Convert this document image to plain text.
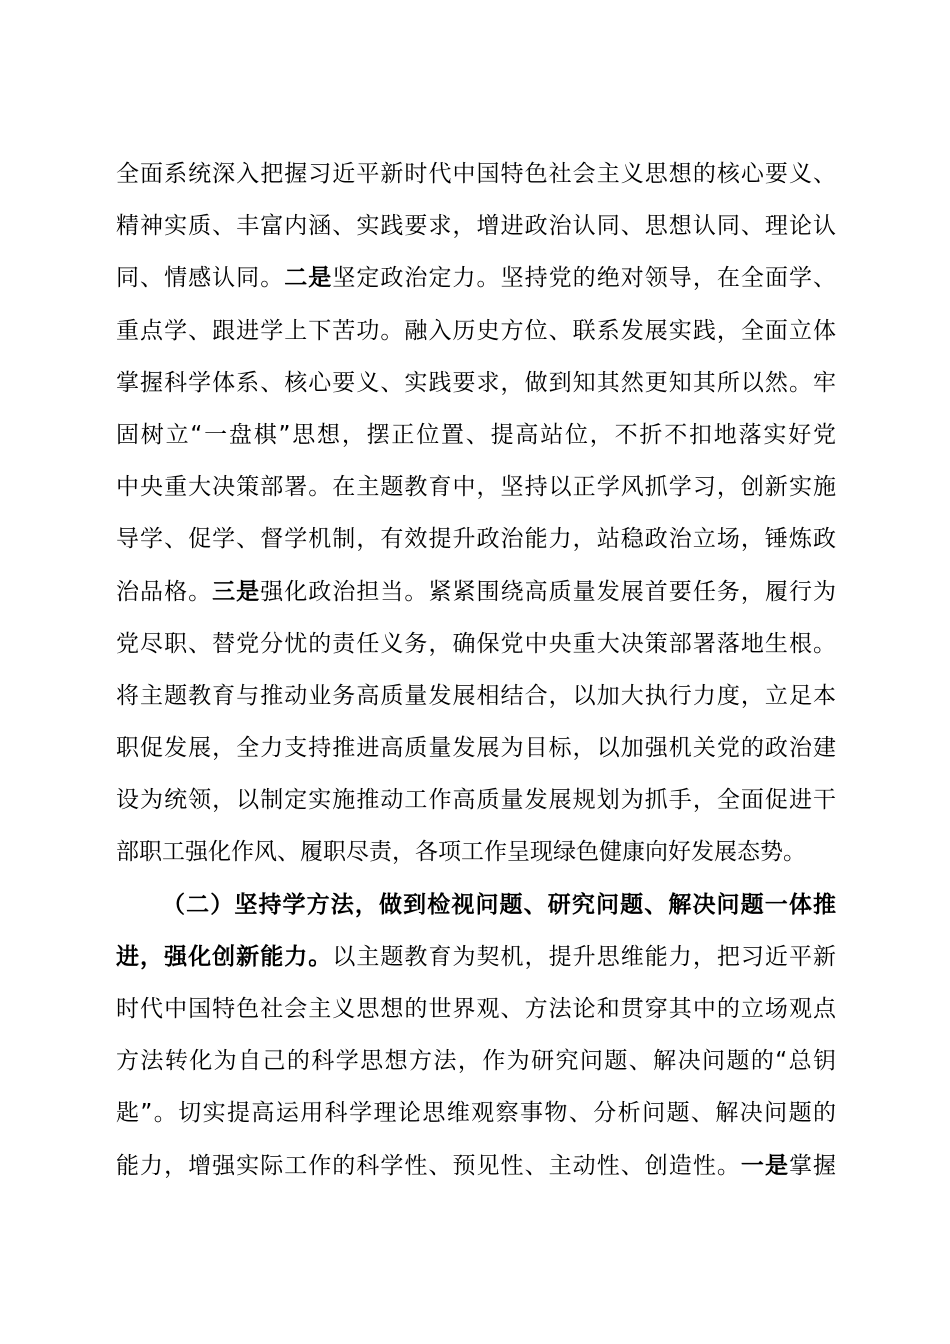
全面系统深入把握习近平新时代中国特色社会主义思想的核心要义、
精神实质、丰富内涵、实践要求，增进政治认同、思想认同、理论认
同、情感认同。二是坚定政治定力。坚持党的绝对领导，在全面学、
重点学、跟进学上下苦功。融入历史方位、联系发展实践，全面立体
掌握科学体系、核心要义、实践要求，做到知其然更知其所以然。牢
固树立“一盘棋”思想，摆正位置、提高站位，不折不扣地落实好党
中央重大决策部署。在主题教育中，坚持以正学风抓学习，创新实施
导学、促学、督学机制，有效提升政治能力，站稳政治立场，锤炼政
治品格。三是强化政治担当。紧紧围绕高质量发展首要任务，履行为
党尽职、替党分忧的责任义务，确保党中央重大决策部署落地生根。
将主题教育与推动业务高质量发展相结合，以加大执行力度，立足本
职促发展，全力支持推进高质量发展为目标，以加强机关党的政治建
设为统领，以制定实施推动工作高质量发展规划为抓手，全面促进干
部职工强化作风、履职尽责，各项工作呈现绿色健康向好发展态势。
（二）坚持学方法，做到检视问题、研究问题、解决问题一体推
进，强化创新能力。以主题教育为契机，提升思维能力，把习近平新
时代中国特色社会主义思想的世界观、方法论和贯穿其中的立场观点
方法转化为自己的科学思想方法，作为研究问题、解决问题的“总钥
匙”。切实提高运用科学理论思维观察事物、分析问题、解决问题的
能力，增强实际工作的科学性、预见性、主动性、创造性。一是掌握
